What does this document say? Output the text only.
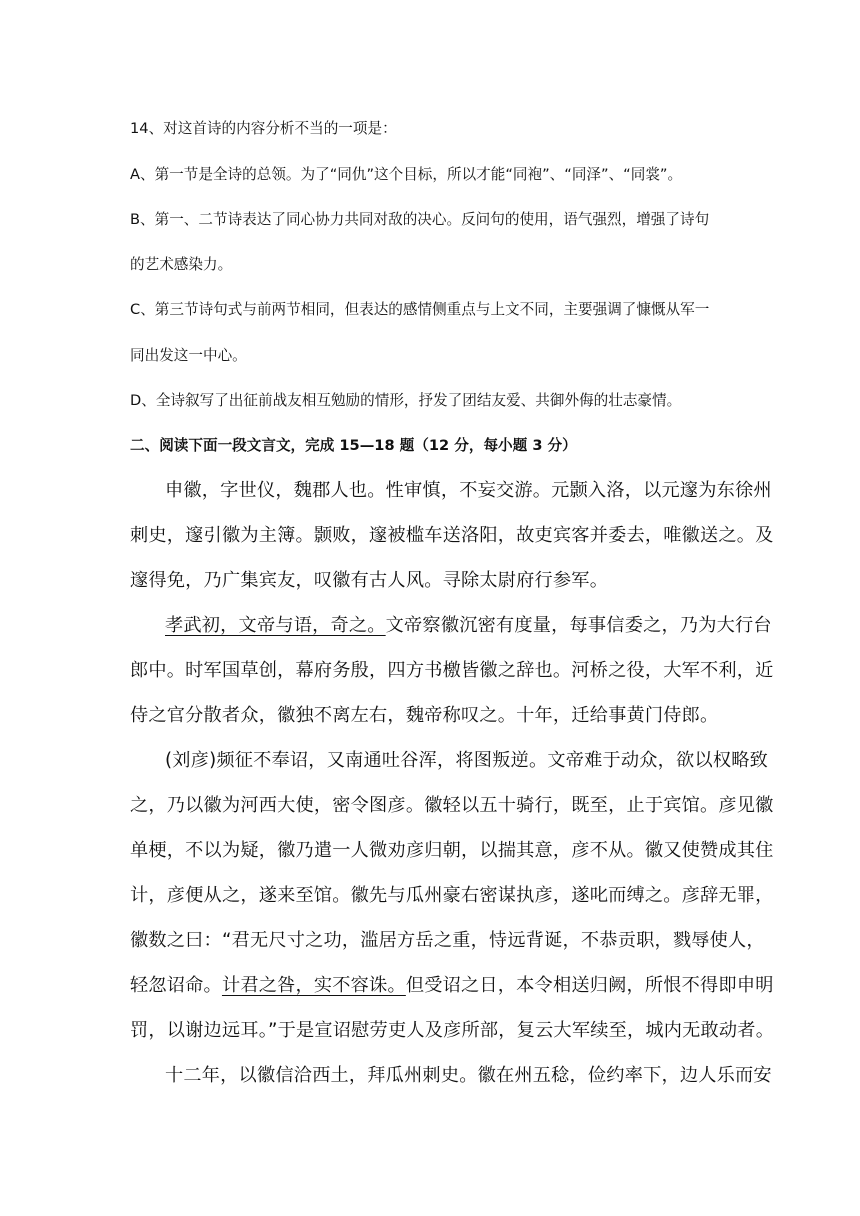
14、对这首诗的内容分析不当的一项是：

A、第一节是全诗的总领。为了“同仇”这个目标，所以才能“同袍”、“同泽”、“同裳”。

B、第一、二节诗表达了同心协力共同对敌的决心。反问句的使用，语气强烈，增强了诗句

的艺术感染力。

C、第三节诗句式与前两节相同，但表达的感情侧重点与上文不同，主要强调了慷慨从军一

同出发这一中心。

D、全诗叙写了出征前战友相互勉励的情形，抒发了团结友爱、共御外侮的壮志豪情。

二、阅读下面一段文言文，完成 15—18 题（12 分，每小题 3 分）

申徽，字世仪，魏郡人也。性审慎，不妄交游。元颢入洛，以元邃为东徐州

刺史，邃引徽为主簿。颢败，邃被槛车送洛阳，故吏宾客并委去，唯徽送之。及

邃得免，乃广集宾友，叹徽有古人风。寻除太尉府行参军。

孝武初，文帝与语，奇之。文帝察徽沉密有度量，每事信委之，乃为大行台

郎中。时军国草创，幕府务殷，四方书檄皆徽之辞也。河桥之役，大军不利，近

侍之官分散者众，徽独不离左右，魏帝称叹之。十年，迁给事黄门侍郎。

(刘彦)频征不奉诏，又南通吐谷浑，将图叛逆。文帝难于动众，欲以权略致

之，乃以徽为河西大使，密令图彦。徽轻以五十骑行，既至，止于宾馆。彦见徽

单梗，不以为疑，徽乃遣一人微劝彦归朝，以揣其意，彦不从。徽又使赞成其住

计，彦便从之，遂来至馆。徽先与瓜州豪右密谋执彦，遂叱而缚之。彦辞无罪，

徽数之曰：“君无尺寸之功，滥居方岳之重，恃远背诞，不恭贡职，戮辱使人，

轻忽诏命。计君之咎，实不容诛。但受诏之日，本令相送归阙，所恨不得即申明

罚，以谢边远耳。”于是宣诏慰劳吏人及彦所部，复云大军续至，城内无敢动者。

十二年，以徽信洽西土，拜瓜州刺史。徽在州五稔，俭约率下，边人乐而安
